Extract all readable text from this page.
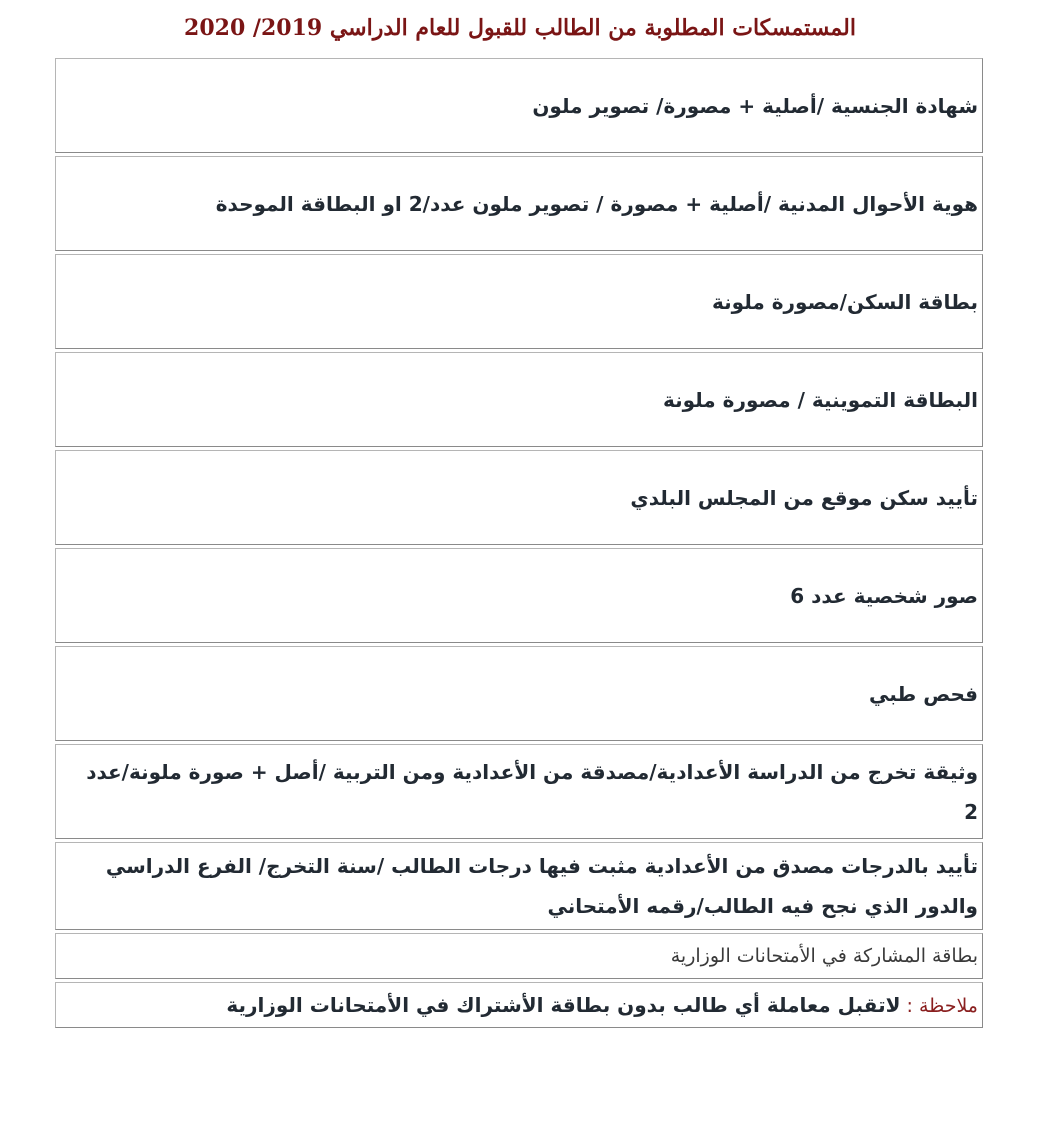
المستمسكات المطلوبة من الطالب للقبول للعام الدراسي 2019/ 2020
شهادة الجنسية /أصلية + مصورة/ تصوير ملون
هوية الأحوال المدنية /أصلية + مصورة / تصوير ملون عدد/2 او البطاقة الموحدة
بطاقة السكن/مصورة ملونة
البطاقة التموينية / مصورة ملونة
تأييد سكن موقع من المجلس البلدي
صور شخصية عدد 6
فحص طبي
وثيقة تخرج من الدراسة الأعدادية/مصدقة من الأعدادية ومن التربية /أصل + صورة ملونة/عدد 2
تأييد بالدرجات مصدق من الأعدادية مثبت فيها درجات الطالب /سنة التخرج/ الفرع الدراسي والدور الذي نجح فيه الطالب/رقمه الأمتحاني
بطاقة المشاركة في الأمتحانات الوزارية
ملاحظة : لاتقبل معاملة أي طالب بدون بطاقة الأشتراك في الأمتحانات الوزارية
